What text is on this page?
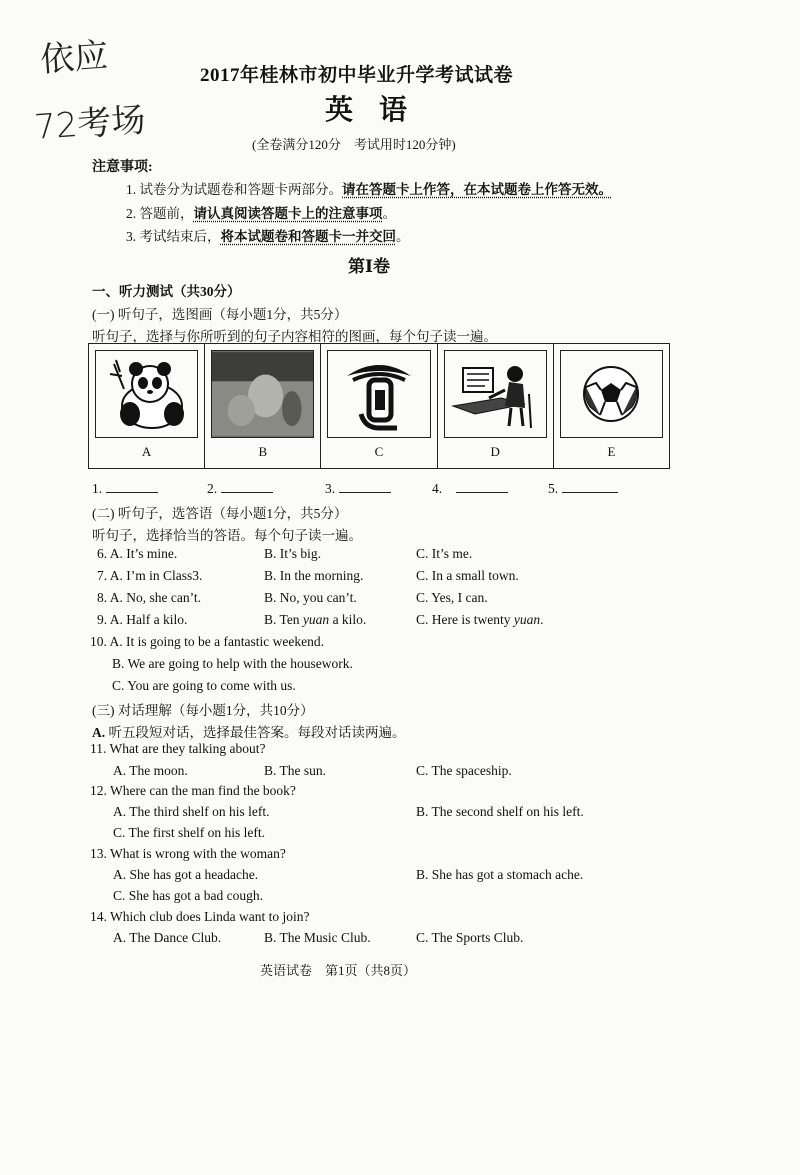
依应
72考场
2017年桂林市初中毕业升学考试试卷
英语
(全卷满分120分　考试用时120分钟)
注意事项:
1. 试卷分为试题卷和答题卡两部分。请在答题卡上作答，在本试题卷上作答无效。
2. 答题前，请认真阅读答题卡上的注意事项。
3. 考试结束后，将本试题卷和答题卡一并交回。
第Ⅰ卷
一、听力测试（共30分）
(一) 听句子，选图画（每小题1分，共5分）
听句子，选择与你所听到的句子内容相符的图画，每个句子读一遍。
A	B	C	D	E
1.	2.	3.	4.	5.
(二) 听句子，选答语（每小题1分，共5分）
听句子，选择恰当的答语。每个句子读一遍。
6. A. It’s mine.	B. It’s big.	C. It’s me.
7. A. I’m in Class3.	B. In the morning.	C. In a small town.
8. A. No, she can’t.	B. No, you can’t.	C. Yes, I can.
9. A. Half a kilo.	B. Ten yuan a kilo.	C. Here is twenty yuan.
10. A. It is going to be a fantastic weekend.
B. We are going to help with the housework.
C. You are going to come with us.
(三) 对话理解（每小题1分，共10分）
A. 听五段短对话，选择最佳答案。每段对话读两遍。
11. What are they talking about?
A. The moon.	B. The sun.	C. The spaceship.
12. Where can the man find the book?
A. The third shelf on his left.	B. The second shelf on his left.
C. The first shelf on his left.
13. What is wrong with the woman?
A. She has got a headache.	B. She has got a stomach ache.
C. She has got a bad cough.
14. Which club does Linda want to join?
A. The Dance Club.	B. The Music Club.	C. The Sports Club.
英语试卷　第1页（共8页）
